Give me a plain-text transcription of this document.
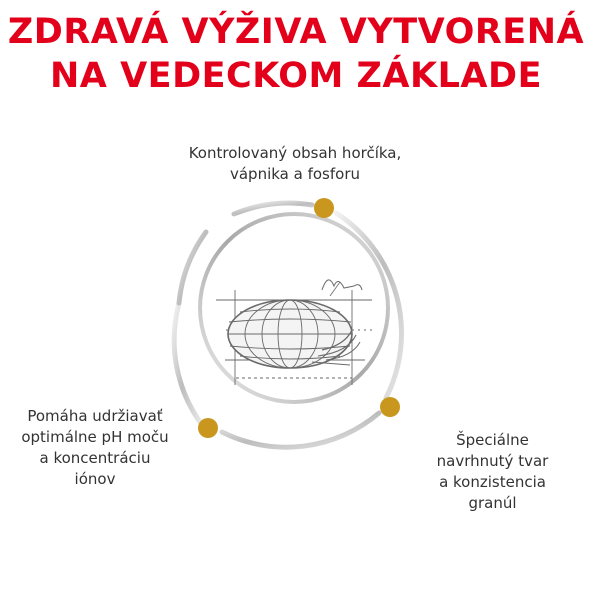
ZDRAVÁ VÝŽIVA VYTVORENÁ
NA VEDECKOM ZÁKLADE
Kontrolovaný obsah horčíka,
vápnika a fosforu
Pomáha udržiavať
optimálne pH moču
a koncentráciu
iónov
Špeciálne
navrhnutý tvar
a konzistencia
granúl
